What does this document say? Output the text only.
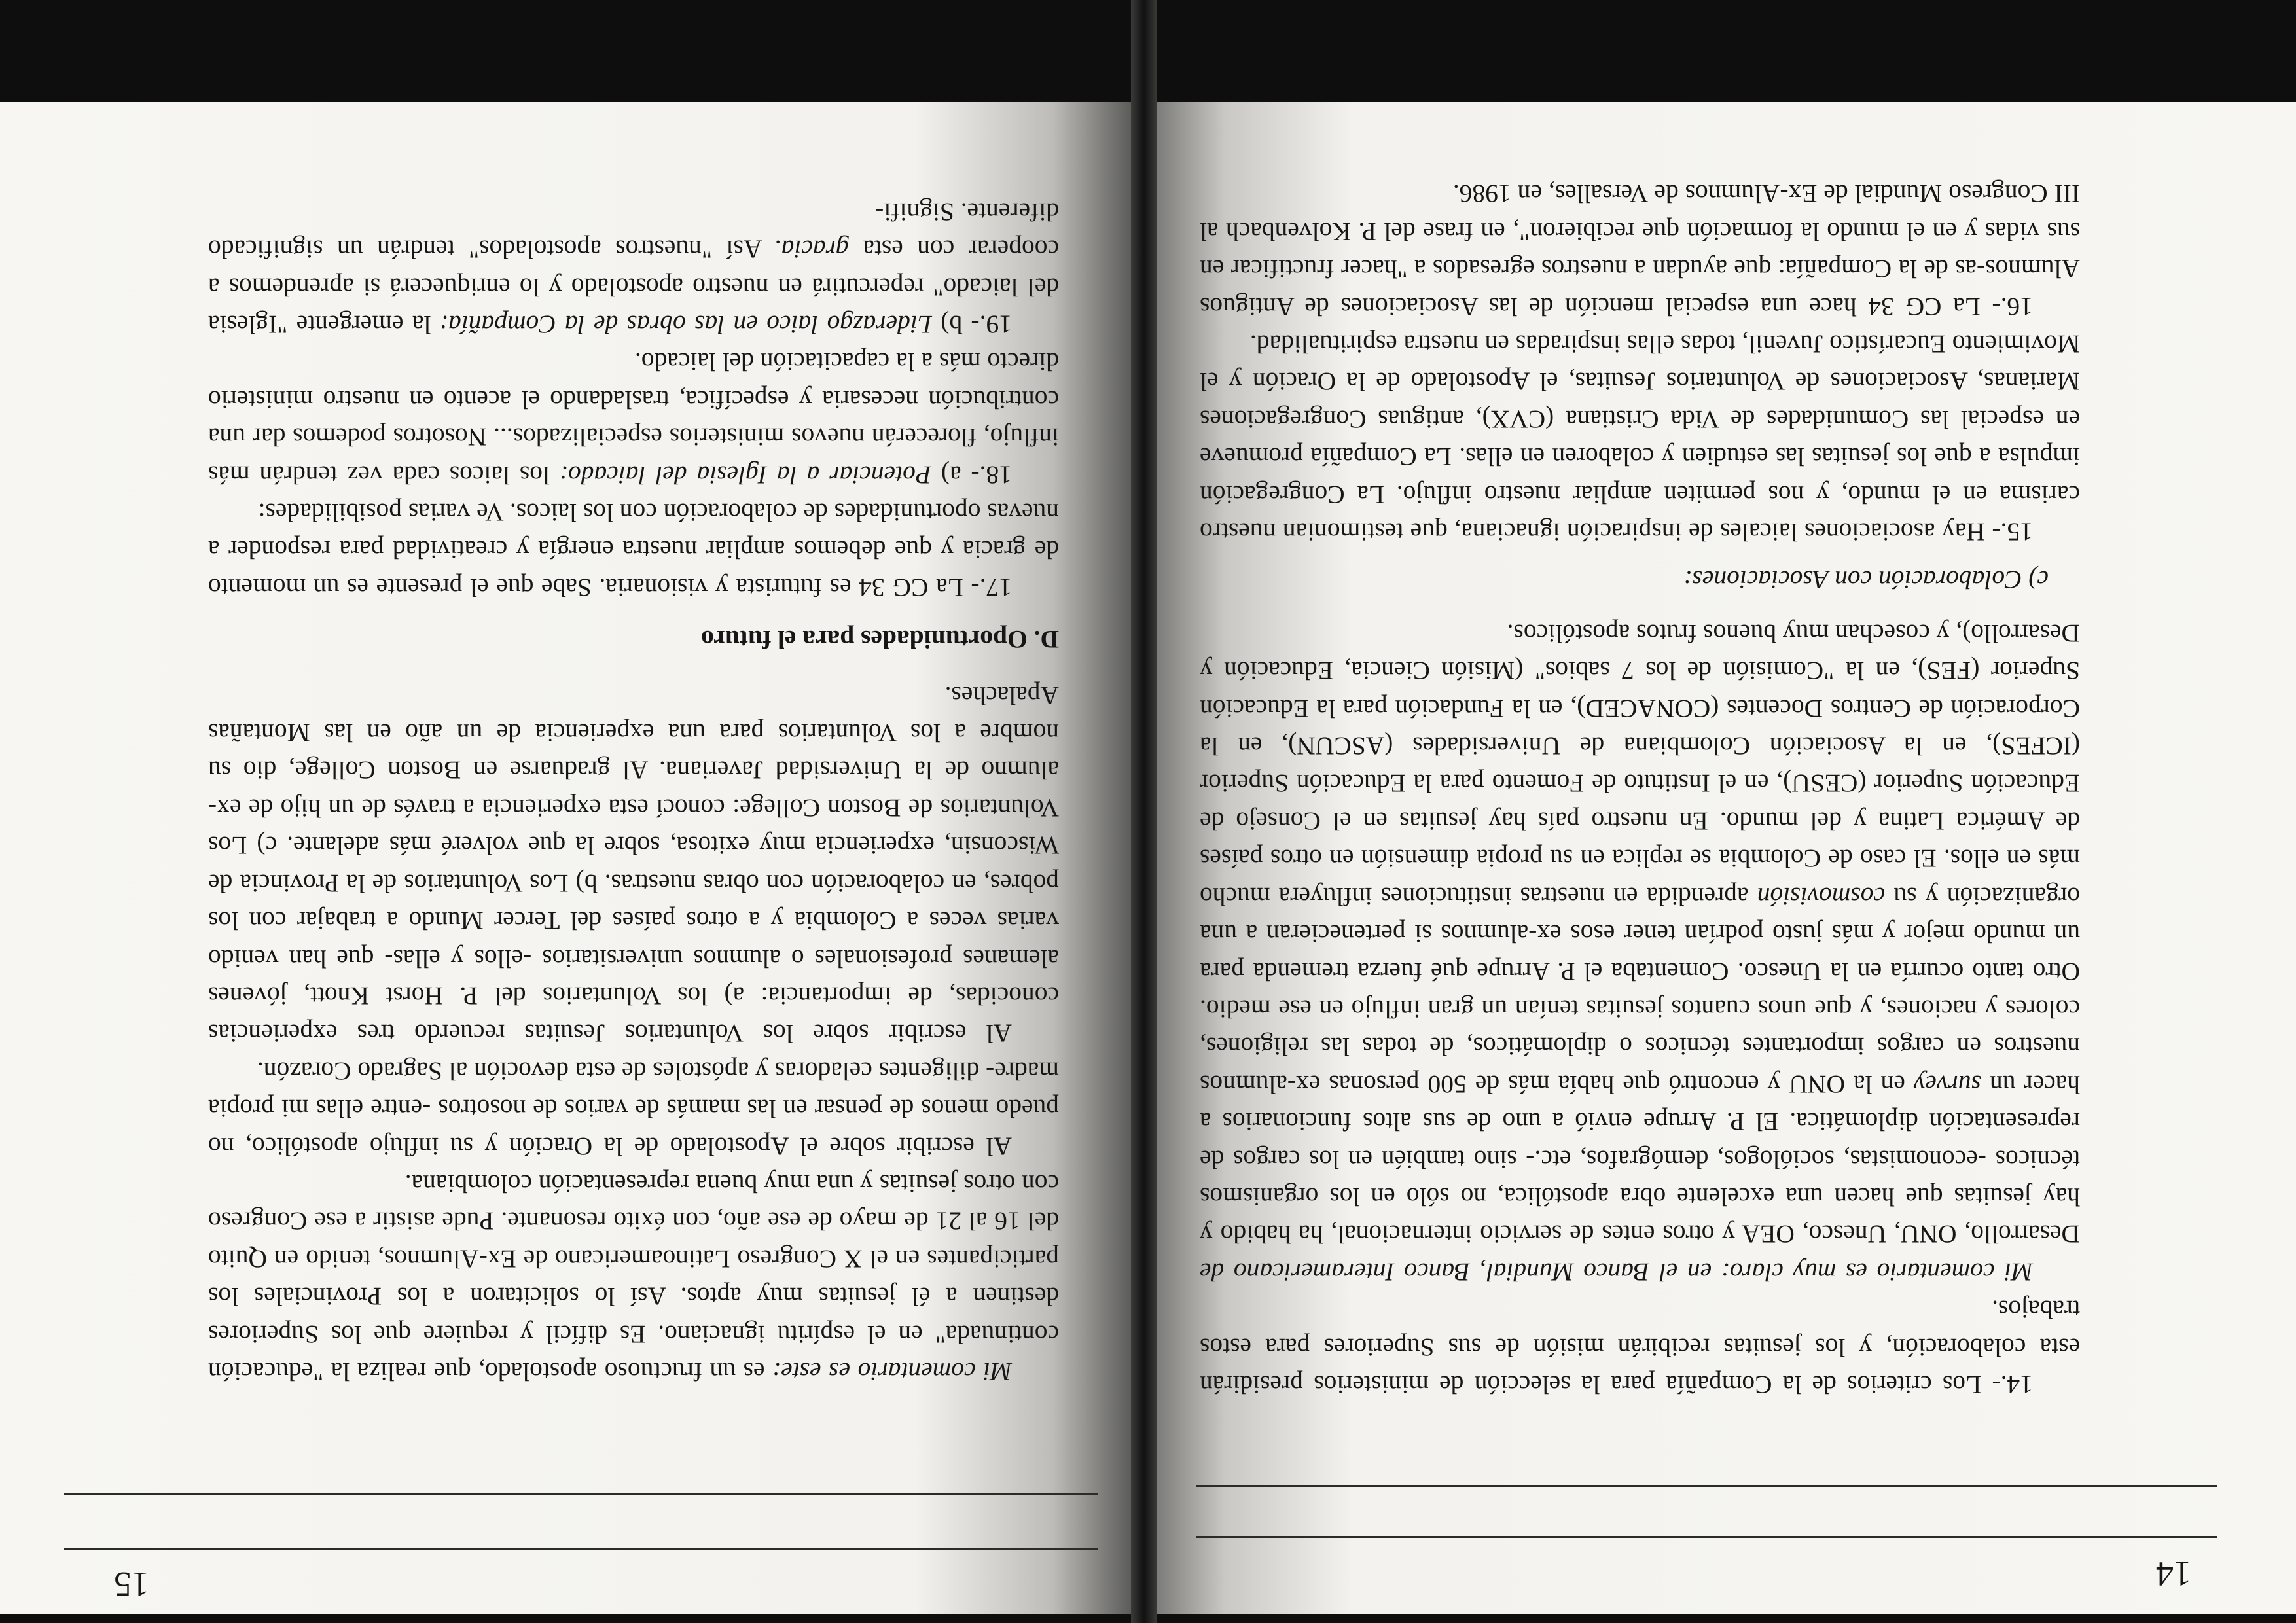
14

14.- Los criterios de la Compañía para la selección de ministerios presidirán esta colaboración, y los jesuitas recibirán misión de sus Superiores para estos trabajos.

Mi comentario es muy claro: en el Banco Mundial, Banco Interamericano de Desarrollo, ONU, Unesco, OEA y otros entes de servicio internacional, ha habido y hay jesuitas que hacen una excelente obra apostólica, no sólo en los organismos técnicos -economistas, sociólogos, demógrafos, etc.- sino también en los cargos de representación diplomática. El P. Arrupe envió a uno de sus altos funcionarios a hacer un survey en la ONU y encontró que había más de 500 personas ex-alumnos nuestros en cargos importantes técnicos o diplomáticos, de todas las religiones, colores y naciones, y que unos cuantos jesuitas tenían un gran influjo en ese medio. Otro tanto ocurría en la Unesco. Comentaba el P. Arrupe qué fuerza tremenda para un mundo mejor y más justo podrían tener esos ex-alumnos si pertenecieran a una organización y su cosmovisión aprendida en nuestras instituciones influyera mucho más en ellos. El caso de Colombia se replica en su propia dimensión en otros países de América Latina y del mundo. En nuestro país hay jesuitas en el Consejo de Educación Superior (CESU), en el Instituto de Fomento para la Educación Superior (ICFES), en la Asociación Colombiana de Universidades (ASCUN), en la Corporación de Centros Docentes (CONACED), en la Fundación para la Educación Superior (FES), en la "Comisión de los 7 sabios" (Misión Ciencia, Educación y Desarrollo), y cosechan muy buenos frutos apostólicos.

c) Colaboración con Asociaciones:

15.- Hay asociaciones laicales de inspiración ignaciana, que testimonian nuestro carisma en el mundo, y nos permiten ampliar nuestro influjo. La Congregación impulsa a que los jesuitas las estudien y colaboren en ellas. La Compañía promueve en especial las Comunidades de Vida Cristiana (CVX), antiguas Congregaciones Marianas, Asociaciones de Voluntarios Jesuitas, el Apostolado de la Oración y el Movimiento Eucarístico Juvenil, todas ellas inspiradas en nuestra espiritualidad.

16.- La CG 34 hace una especial mención de las Asociaciones de Antiguos Alumnos-as de la Compañía: que ayudan a nuestros egresados a "hacer fructificar en sus vidas y en el mundo la formación que recibieron", en frase del P. Kolvenbach al III Congreso Mundial de Ex-Alumnos de Versalles, en 1986.

15

Mi comentario es este: es un fructuoso apostolado, que realiza la "educación continuada" en el espíritu ignaciano. Es difícil y requiere que los Superiores destinen a él jesuitas muy aptos. Así lo solicitaron a los Provinciales los participantes en el X Congreso Latinoamericano de Ex-Alumnos, tenido en Quito del 16 al 21 de mayo de ese año, con éxito resonante. Pude asistir a ese Congreso con otros jesuitas y una muy buena representación colombiana.

Al escribir sobre el Apostolado de la Oración y su influjo apostólico, no puedo menos de pensar en las mamás de varios de nosotros -entre ellas mi propia madre- diligentes celadoras y apóstoles de esta devoción al Sagrado Corazón.

Al escribir sobre los Voluntarios Jesuitas recuerdo tres experiencias conocidas, de importancia: a) los Voluntarios del P. Horst Knott, jóvenes alemanes profesionales o alumnos universitarios -ellos y ellas- que han venido varias veces a Colombia y a otros países del Tercer Mundo a trabajar con los pobres, en colaboración con obras nuestras. b) Los Voluntarios de la Provincia de Wisconsin, experiencia muy exitosa, sobre la que volveré más adelante. c) Los Voluntarios de Boston College: conocí esta experiencia a través de un hijo de ex-alumno de la Universidad Javeriana. Al graduarse en Boston College, dio su nombre a los Voluntarios para una experiencia de un año en las Montañas Apalaches.

D. Oportunidades para el futuro

17.- La CG 34 es futurista y visionaria. Sabe que el presente es un momento de gracia y que debemos ampliar nuestra energía y creatividad para responder a nuevas oportunidades de colaboración con los laicos. Ve varias posibilidades:

18.- a) Potenciar a la Iglesia del laicado: los laicos cada vez tendrán más influjo, florecerán nuevos ministerios especializados... Nosotros podemos dar una contribución necesaria y específica, trasladando el acento en nuestro ministerio directo más a la capacitación del laicado.

19.- b) Liderazgo laico en las obras de la Compañía: la emergente "Iglesia del laicado" repercutirá en nuestro apostolado y lo enriquecerá si aprendemos a cooperar con esta gracia. Así "nuestros apostolados" tendrán un significado diferente. Signifi-
